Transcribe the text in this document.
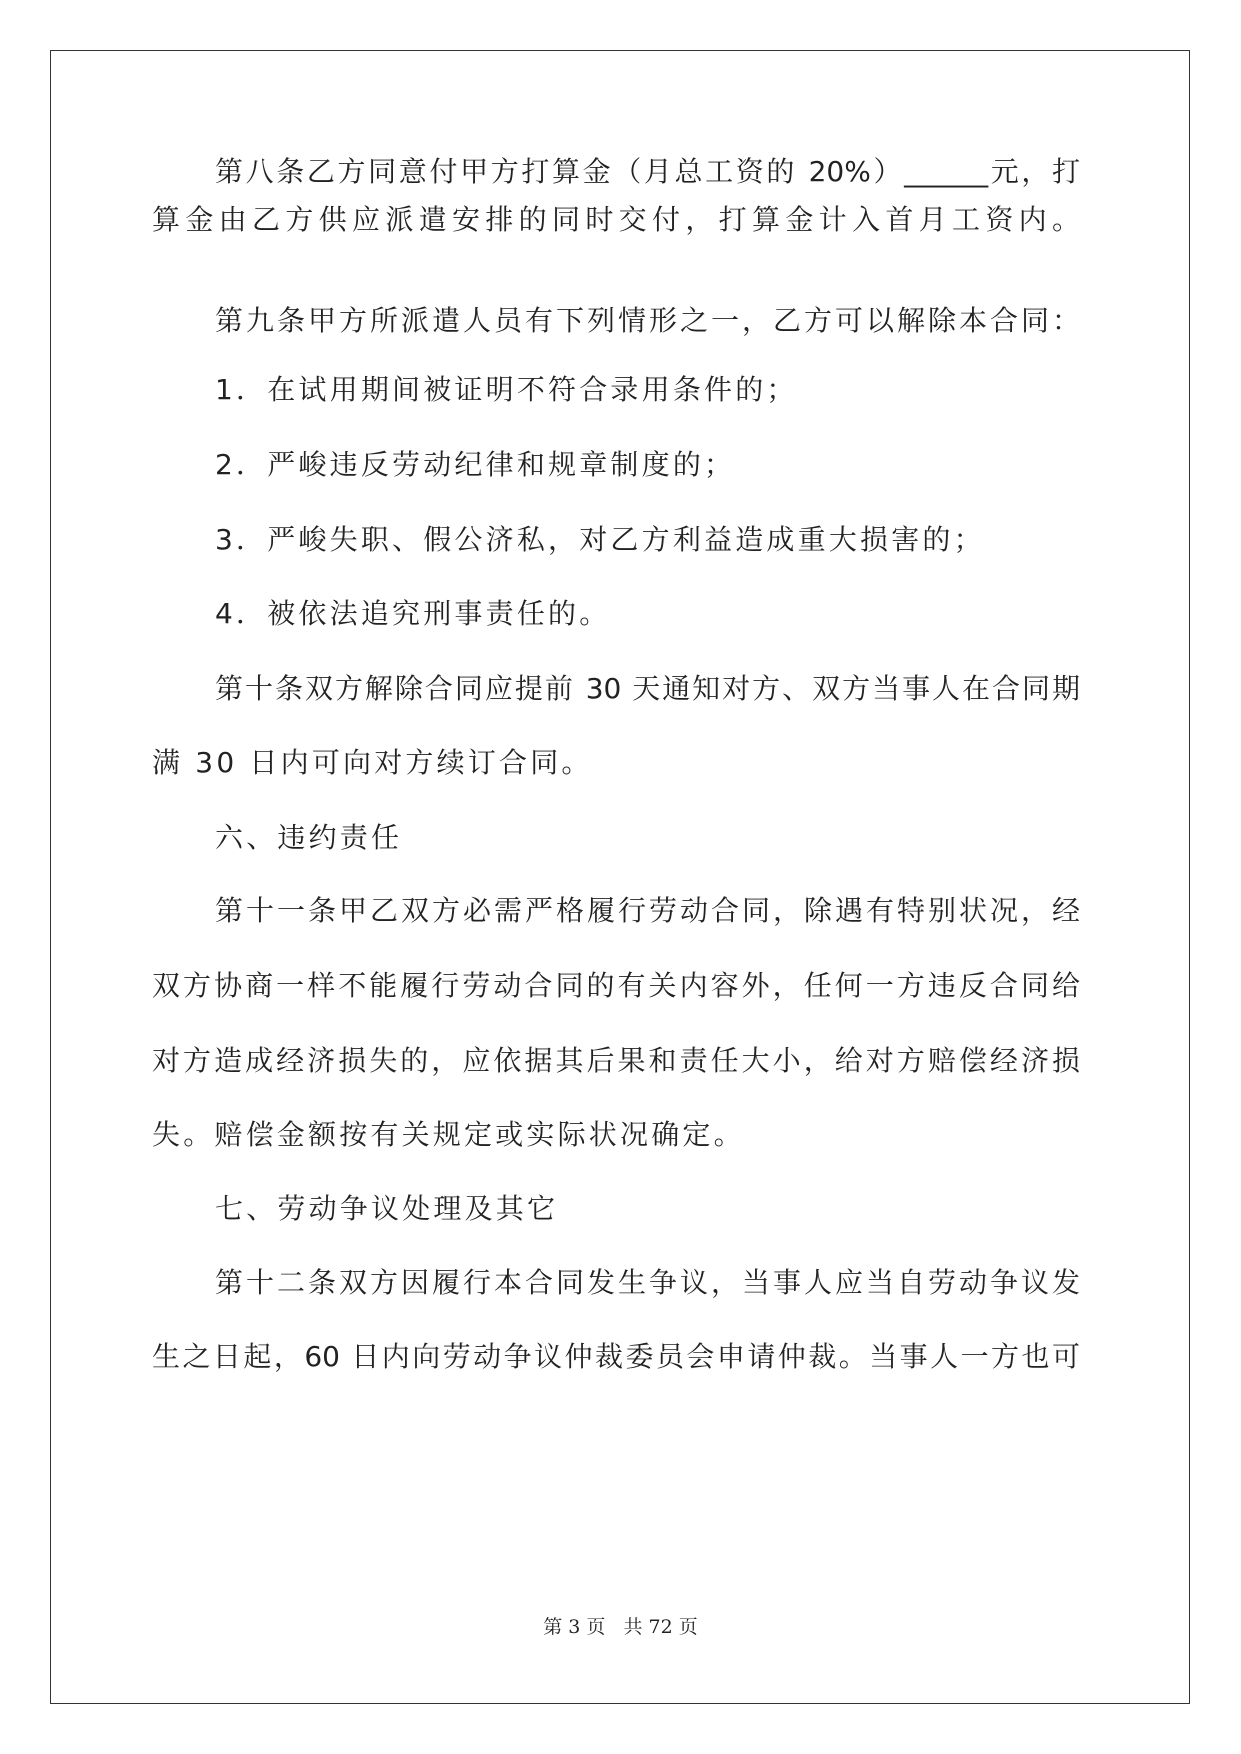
第八条乙方同意付甲方打算金（月总工资的 20%）______元，打
算金由乙方供应派遣安排的同时交付，打算金计入首月工资内。
第九条甲方所派遣人员有下列情形之一，乙方可以解除本合同：
1．在试用期间被证明不符合录用条件的；
2．严峻违反劳动纪律和规章制度的；
3．严峻失职、假公济私，对乙方利益造成重大损害的；
4．被依法追究刑事责任的。
第十条双方解除合同应提前 30 天通知对方、双方当事人在合同期
满 30 日内可向对方续订合同。
六、违约责任
第十一条甲乙双方必需严格履行劳动合同，除遇有特别状况，经
双方协商一样不能履行劳动合同的有关内容外，任何一方违反合同给
对方造成经济损失的，应依据其后果和责任大小，给对方赔偿经济损
失。赔偿金额按有关规定或实际状况确定。
七、劳动争议处理及其它
第十二条双方因履行本合同发生争议，当事人应当自劳动争议发
生之日起，60 日内向劳动争议仲裁委员会申请仲裁。当事人一方也可
第 3 页   共 72 页
